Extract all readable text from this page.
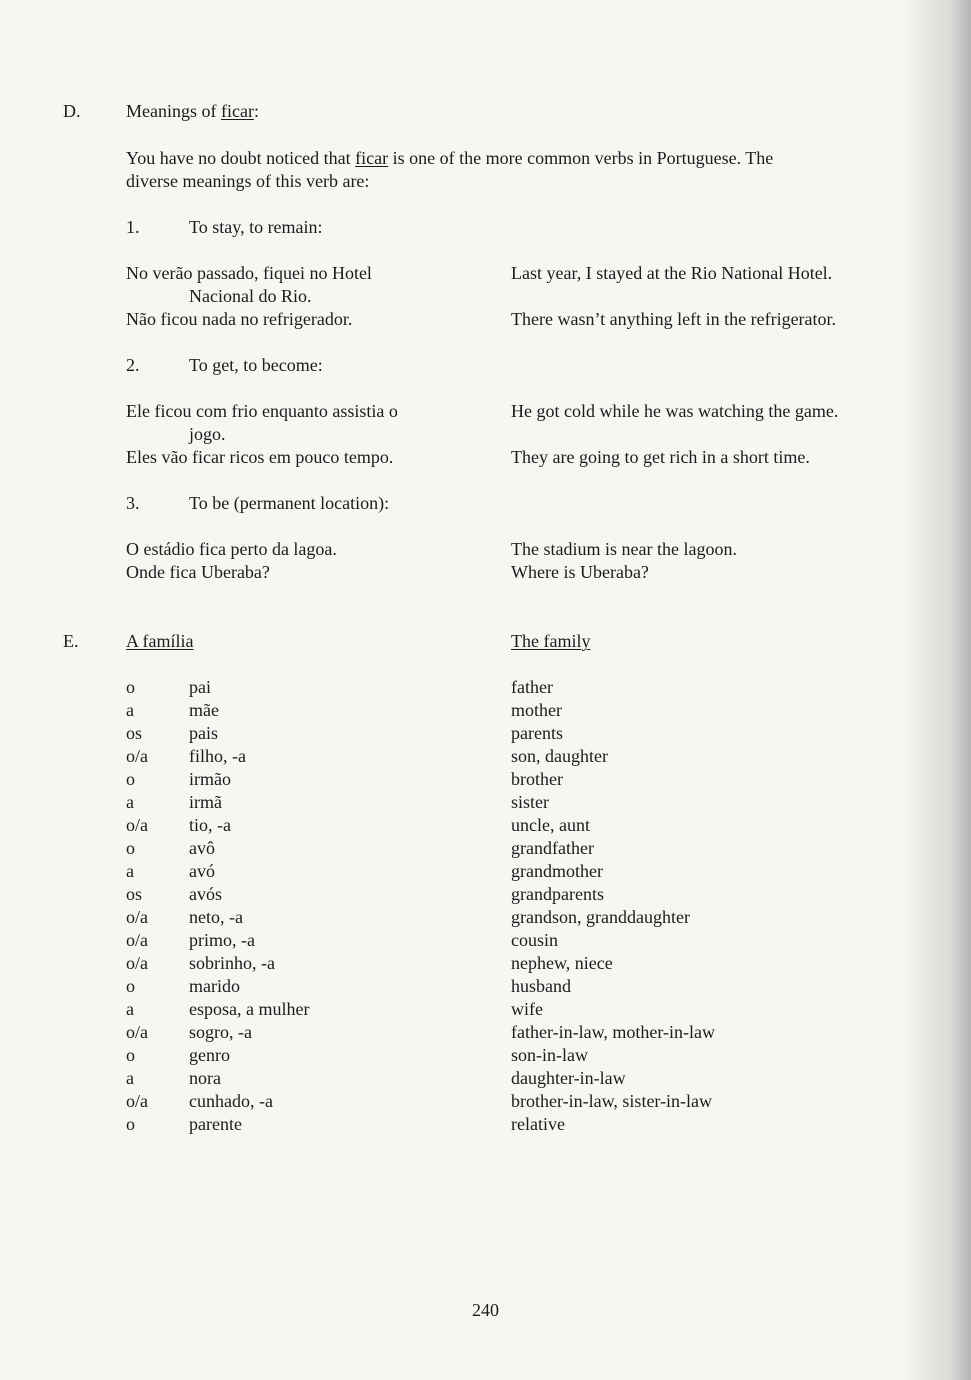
D.	Meanings of ficar:
You have no doubt noticed that ficar is one of the more common verbs in Portuguese. The
diverse meanings of this verb are:
1.	To stay, to remain:
No verão passado, fiquei no Hotel
Nacional do Rio.
Last year, I stayed at the Rio National Hotel.
Não ficou nada no refrigerador.	There wasn’t anything left in the refrigerator.
2.	To get, to become:
Ele ficou com frio enquanto assistia o
jogo.
He got cold while he was watching the game.
Eles vão ficar ricos em pouco tempo.	They are going to get rich in a short time.
3.	To be (permanent location):
O estádio fica perto da lagoa.	The stadium is near the lagoon.
Onde fica Uberaba?	Where is Uberaba?
E.	A família	The family
o	pai	father
a	mãe	mother
os	pais	parents
o/a filho, -a	son, daughter
o	irmão	brother
a	irmã	sister
o/a tio, -a	uncle, aunt
o	avô	grandfather
a	avó	grandmother
os	avós	grandparents
o/a neto, -a	grandson, granddaughter
o/a primo, -a	cousin
o/a sobrinho, -a	nephew, niece
o	marido	husband
a	esposa, a mulher	wife
o/a sogro, -a	father-in-law, mother-in-law
o	genro	son-in-law
a	nora	daughter-in-law
o/a cunhado, -a	brother-in-law, sister-in-law
o	parente	relative
240
